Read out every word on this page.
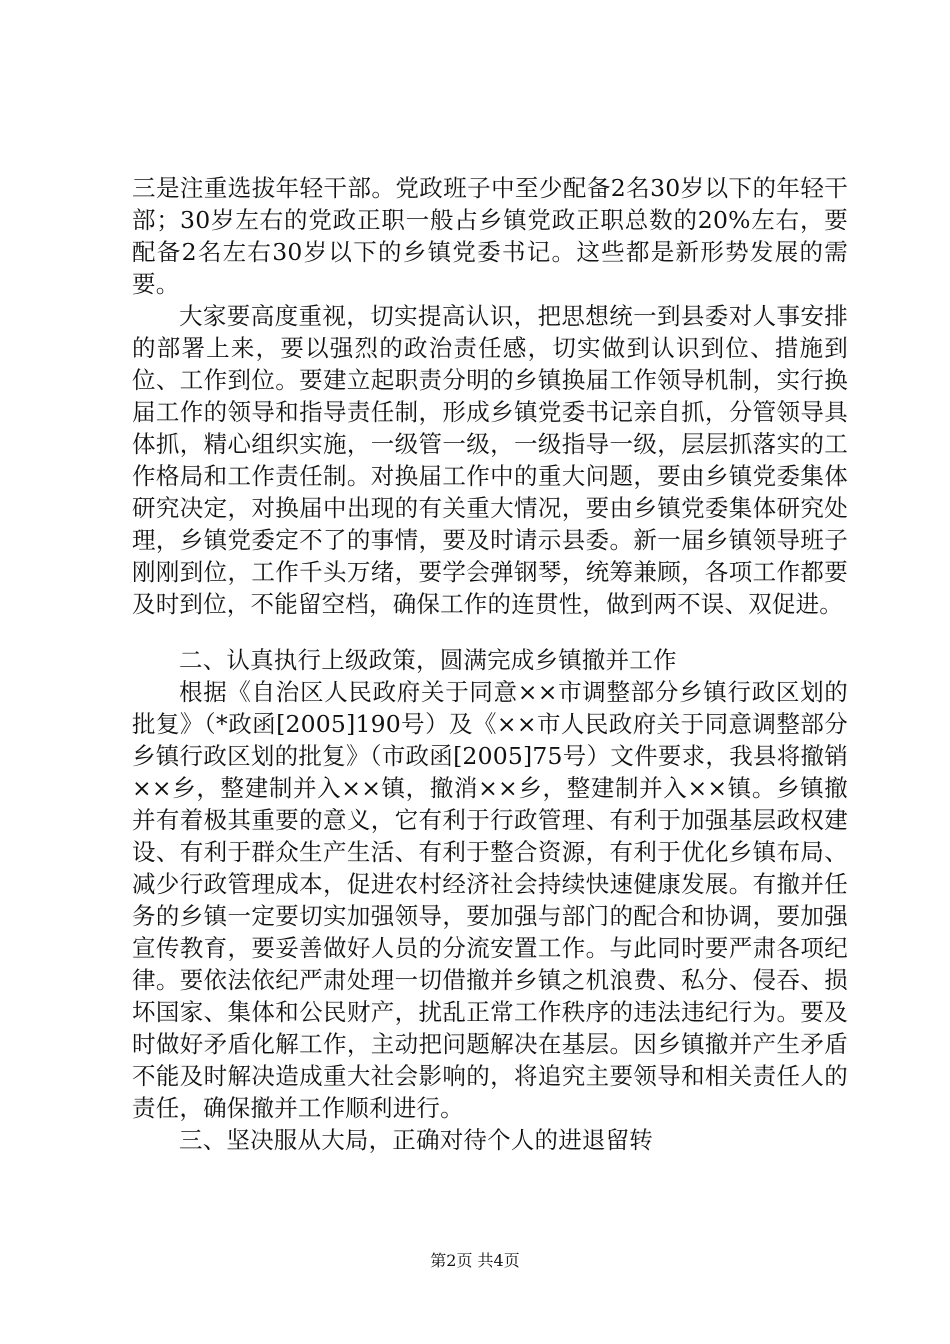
三是注重选拔年轻干部。党政班子中至少配备2名30岁以下的年轻干部；30岁左右的党政正职一般占乡镇党政正职总数的20%左右，要配备2名左右30岁以下的乡镇党委书记。这些都是新形势发展的需要。

大家要高度重视，切实提高认识，把思想统一到县委对人事安排的部署上来，要以强烈的政治责任感，切实做到认识到位、措施到位、工作到位。要建立起职责分明的乡镇换届工作领导机制，实行换届工作的领导和指导责任制，形成乡镇党委书记亲自抓，分管领导具体抓，精心组织实施，一级管一级，一级指导一级，层层抓落实的工作格局和工作责任制。对换届工作中的重大问题，要由乡镇党委集体研究决定，对换届中出现的有关重大情况，要由乡镇党委集体研究处理，乡镇党委定不了的事情，要及时请示县委。新一届乡镇领导班子刚刚到位，工作千头万绪，要学会弹钢琴，统筹兼顾，各项工作都要及时到位，不能留空档，确保工作的连贯性，做到两不误、双促进。

二、认真执行上级政策，圆满完成乡镇撤并工作

根据《自治区人民政府关于同意××市调整部分乡镇行政区划的批复》（*政函[2005]190号）及《××市人民政府关于同意调整部分乡镇行政区划的批复》（市政函[2005]75号）文件要求，我县将撤销××乡，整建制并入××镇，撤消××乡，整建制并入××镇。乡镇撤并有着极其重要的意义，它有利于行政管理、有利于加强基层政权建设、有利于群众生产生活、有利于整合资源，有利于优化乡镇布局、减少行政管理成本，促进农村经济社会持续快速健康发展。有撤并任务的乡镇一定要切实加强领导，要加强与部门的配合和协调，要加强宣传教育，要妥善做好人员的分流安置工作。与此同时要严肃各项纪律。要依法依纪严肃处理一切借撤并乡镇之机浪费、私分、侵吞、损坏国家、集体和公民财产，扰乱正常工作秩序的违法违纪行为。要及时做好矛盾化解工作，主动把问题解决在基层。因乡镇撤并产生矛盾不能及时解决造成重大社会影响的，将追究主要领导和相关责任人的责任，确保撤并工作顺利进行。

三、坚决服从大局，正确对待个人的进退留转

第2页 共4页
